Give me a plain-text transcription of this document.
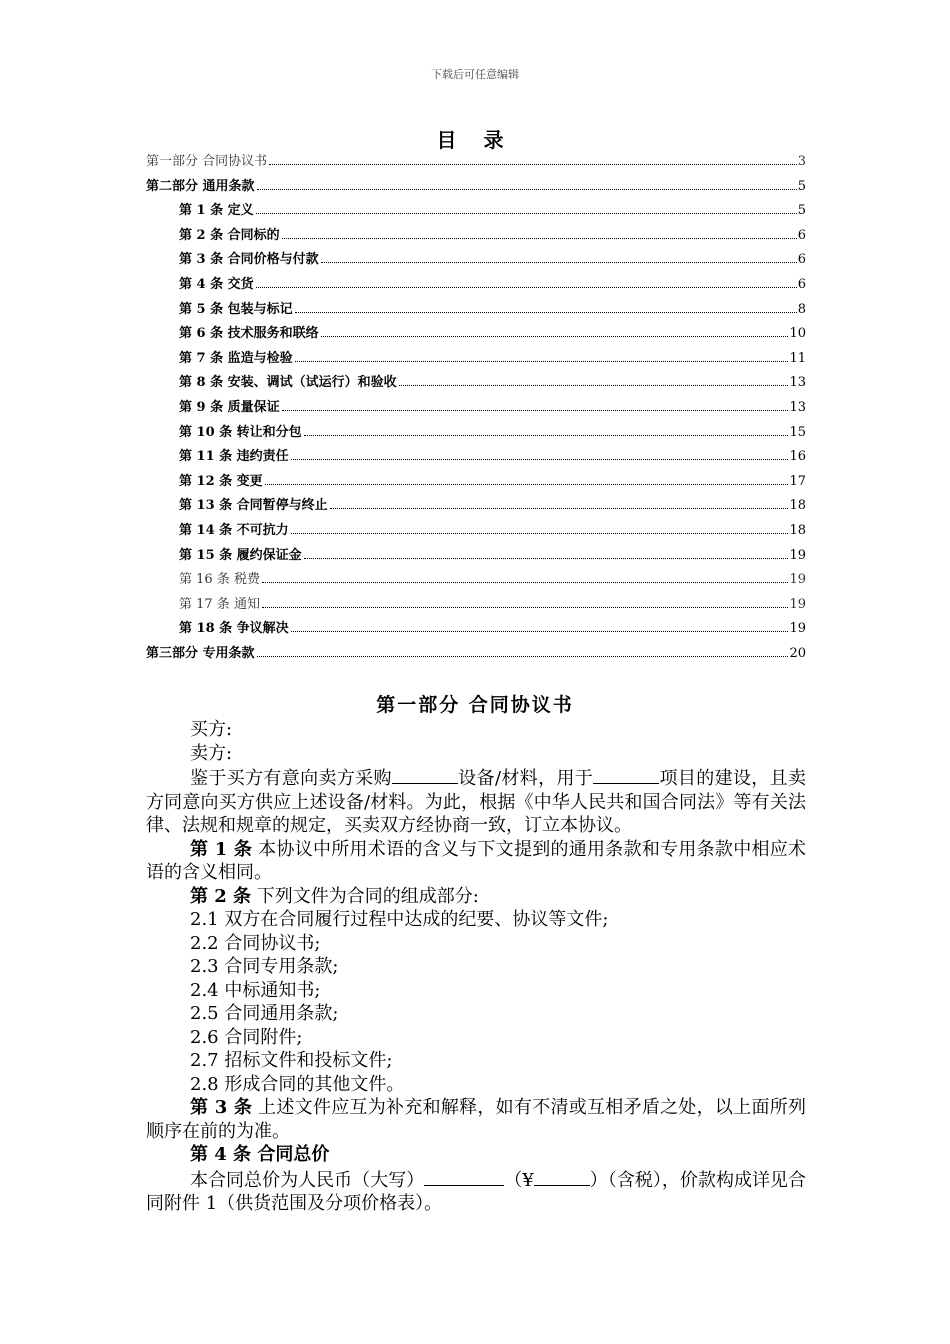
下载后可任意编辑
目 录
第一部分 合同协议书	3
第二部分 通用条款	5
第 1 条 定义	5
第 2 条 合同标的	6
第 3 条 合同价格与付款	6
第 4 条 交货	6
第 5 条 包装与标记	8
第 6 条 技术服务和联络	10
第 7 条 监造与检验	11
第 8 条 安装、调试（试运行）和验收	13
第 9 条 质量保证	13
第 10 条 转让和分包	15
第 11 条 违约责任	16
第 12 条 变更	17
第 13 条 合同暂停与终止	18
第 14 条 不可抗力	18
第 15 条 履约保证金	19
第 16 条 税费	19
第 17 条 通知	19
第 18 条 争议解决	19
第三部分 专用条款	20
第一部分 合同协议书

买方:

卖方:

鉴于买方有意向卖方采购	设备/材料，用于	项目的建设，且卖方同意向买方供应上述设备/材料。为此，根据《中华人民共和国合同法》等有关法律、法规和规章的规定，买卖双方经协商一致，订立本协议。

第 1 条 本协议中所用术语的含义与下文提到的通用条款和专用条款中相应术语的含义相同。

第 2 条 下列文件为合同的组成部分:

2.1 双方在合同履行过程中达成的纪要、协议等文件;

2.2 合同协议书;

2.3 合同专用条款;

2.4 中标通知书;

2.5 合同通用条款;

2.6 合同附件;

2.7 招标文件和投标文件;

2.8 形成合同的其他文件。

第 3 条 上述文件应互为补充和解释，如有不清或互相矛盾之处，以上面所列顺序在前的为准。

第 4 条 合同总价

本合同总价为人民币（大写）	（¥	）（含税），价款构成详见合同附件 1（供货范围及分项价格表）。
